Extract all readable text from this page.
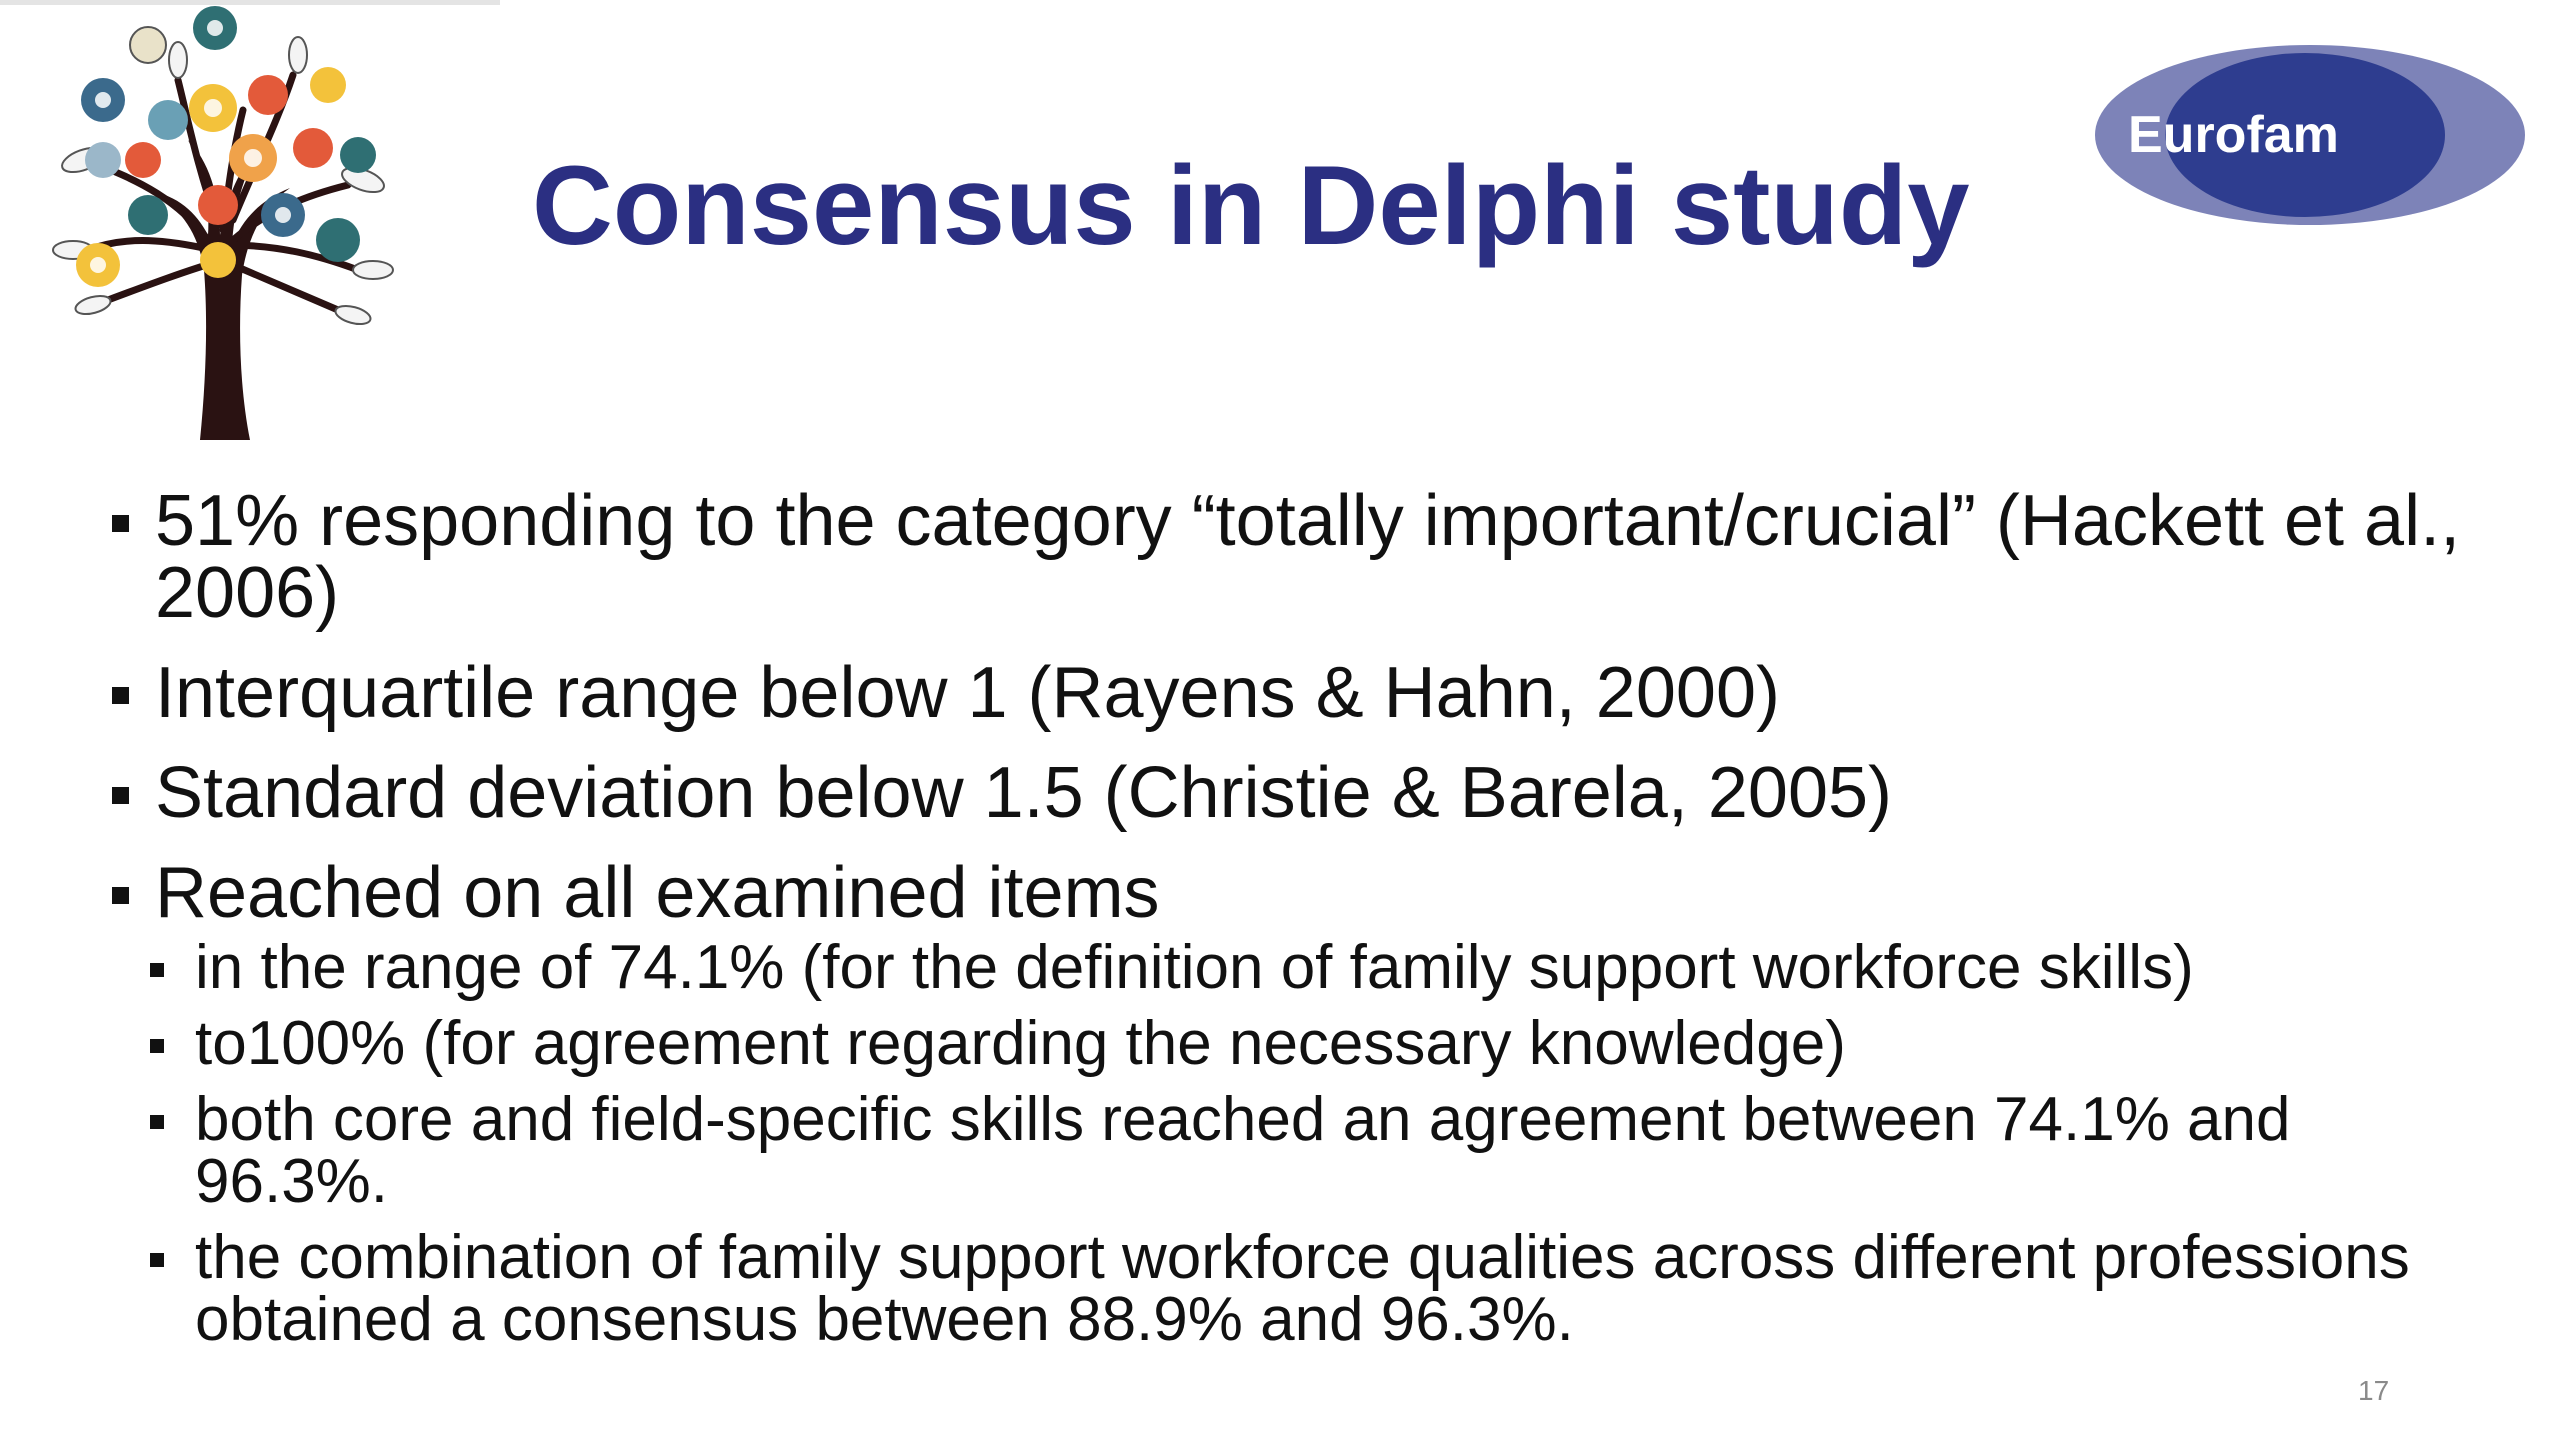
Eurofam
Consensus in Delphi study
51% responding to the category “totally important/crucial” (Hackett et al., 2006)
Interquartile range below 1 (Rayens & Hahn, 2000)
Standard deviation below 1.5 (Christie & Barela, 2005)
Reached on all examined items
in the range of 74.1% (for the definition of family support workforce skills)
to100% (for agreement regarding the necessary knowledge)
both core and field-specific skills reached an agreement between 74.1% and 96.3%.
the combination of family support workforce qualities across different professions obtained a consensus between 88.9% and 96.3%.
17
